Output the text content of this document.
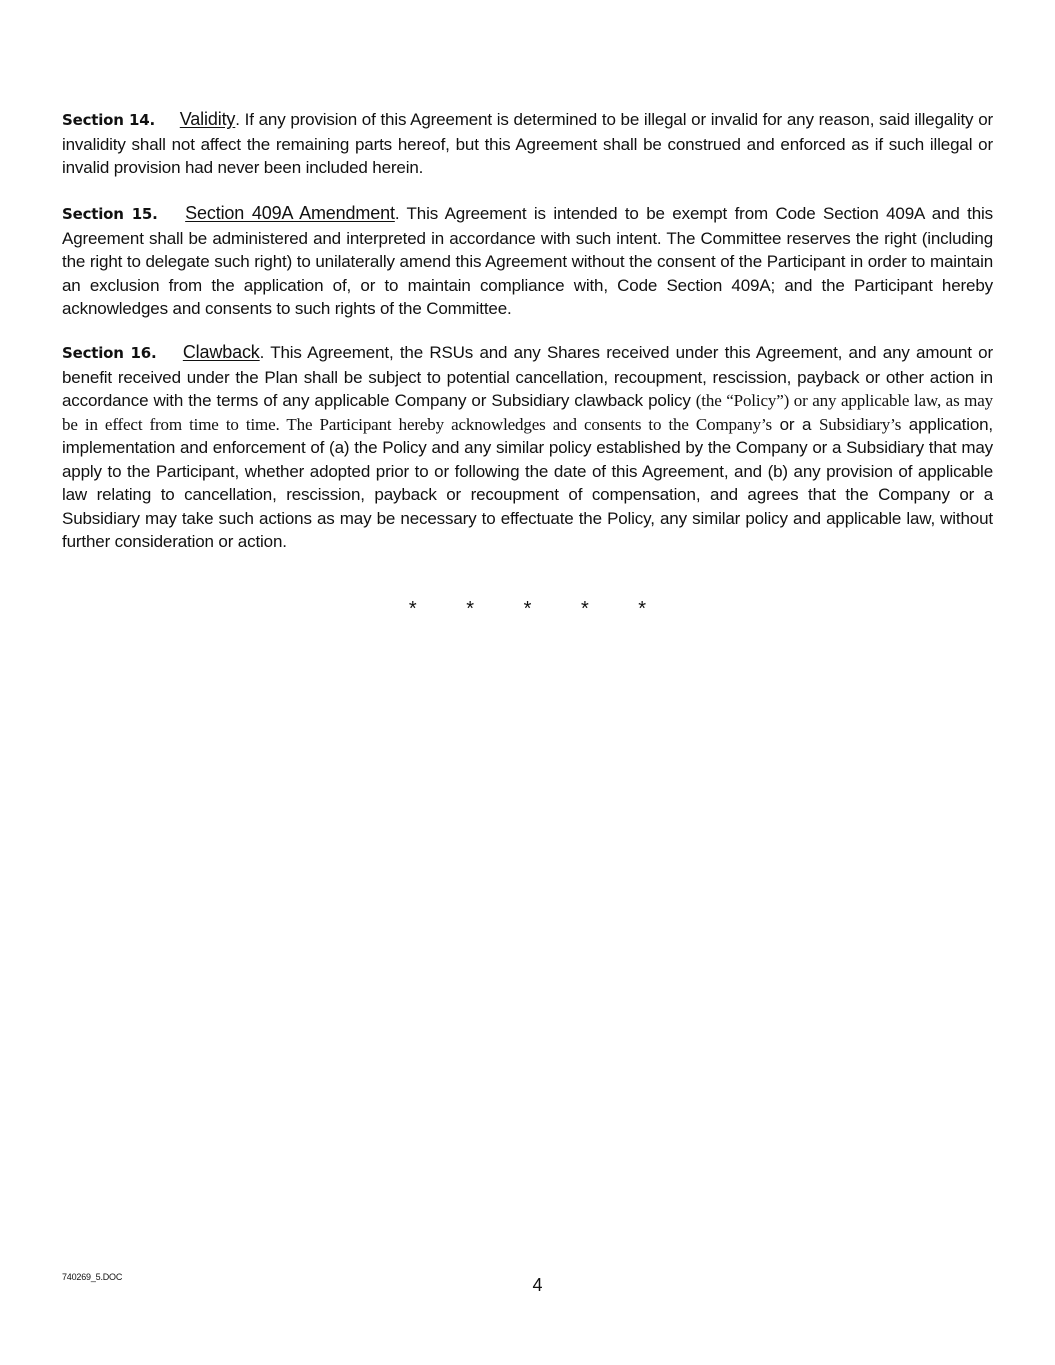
Section 14. Validity. If any provision of this Agreement is determined to be illegal or invalid for any reason, said illegality or invalidity shall not affect the remaining parts hereof, but this Agreement shall be construed and enforced as if such illegal or invalid provision had never been included herein.

Section 15. Section 409A Amendment. This Agreement is intended to be exempt from Code Section 409A and this Agreement shall be administered and interpreted in accordance with such intent. The Committee reserves the right (including the right to delegate such right) to unilaterally amend this Agreement without the consent of the Participant in order to maintain an exclusion from the application of, or to maintain compliance with, Code Section 409A; and the Participant hereby acknowledges and consents to such rights of the Committee.

Section 16. Clawback. This Agreement, the RSUs and any Shares received under this Agreement, and any amount or benefit received under the Plan shall be subject to potential cancellation, recoupment, rescission, payback or other action in accordance with the terms of any applicable Company or Subsidiary clawback policy (the “Policy”) or any applicable law, as may be in effect from time to time. The Participant hereby acknowledges and consents to the Company’s or a Subsidiary’s application, implementation and enforcement of (a) the Policy and any similar policy established by the Company or a Subsidiary that may apply to the Participant, whether adopted prior to or following the date of this Agreement, and (b) any provision of applicable law relating to cancellation, rescission, payback or recoupment of compensation, and agrees that the Company or a Subsidiary may take such actions as may be necessary to effectuate the Policy, any similar policy and applicable law, without further consideration or action.

* * * * *
740269_5.DOC	4
